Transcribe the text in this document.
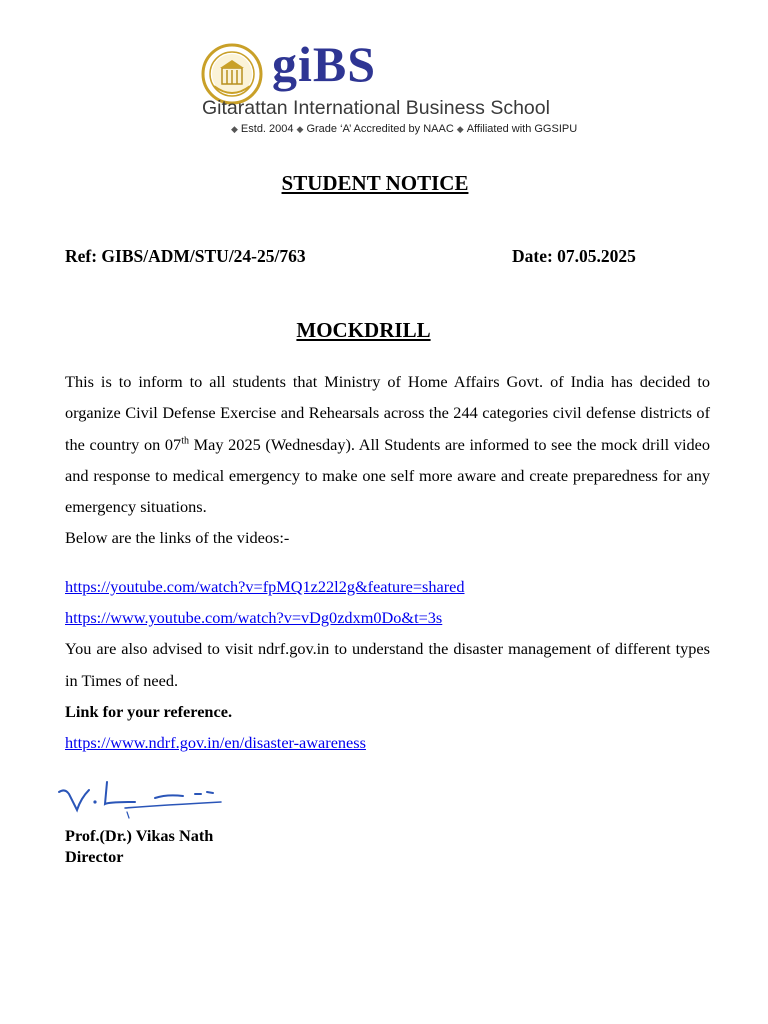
giBS
Gitarattan International Business School
◆ Estd. 2004 ◆ Grade ‘A’ Accredited by NAAC ◆ Affiliated with GGSIPU
STUDENT NOTICE
Ref: GIBS/ADM/STU/24-25/763	Date: 07.05.2025
MOCKDRILL

This is to inform to all students that Ministry of Home Affairs Govt. of India has decided to organize Civil Defense Exercise and Rehearsals across the 244 categories civil defense districts of the country on 07th May 2025 (Wednesday). All Students are informed to see the mock drill video and response to medical emergency to make one self more aware and create preparedness for any emergency situations.

Below are the links of the videos:-

https://youtube.com/watch?v=fpMQ1z22l2g&feature=shared

https://www.youtube.com/watch?v=vDg0zdxm0Do&t=3s

You are also advised to visit ndrf.gov.in to understand the disaster management of different types in Times of need.

Link for your reference.

https://www.ndrf.gov.in/en/disaster-awareness

Prof.(Dr.) Vikas Nath
Director
